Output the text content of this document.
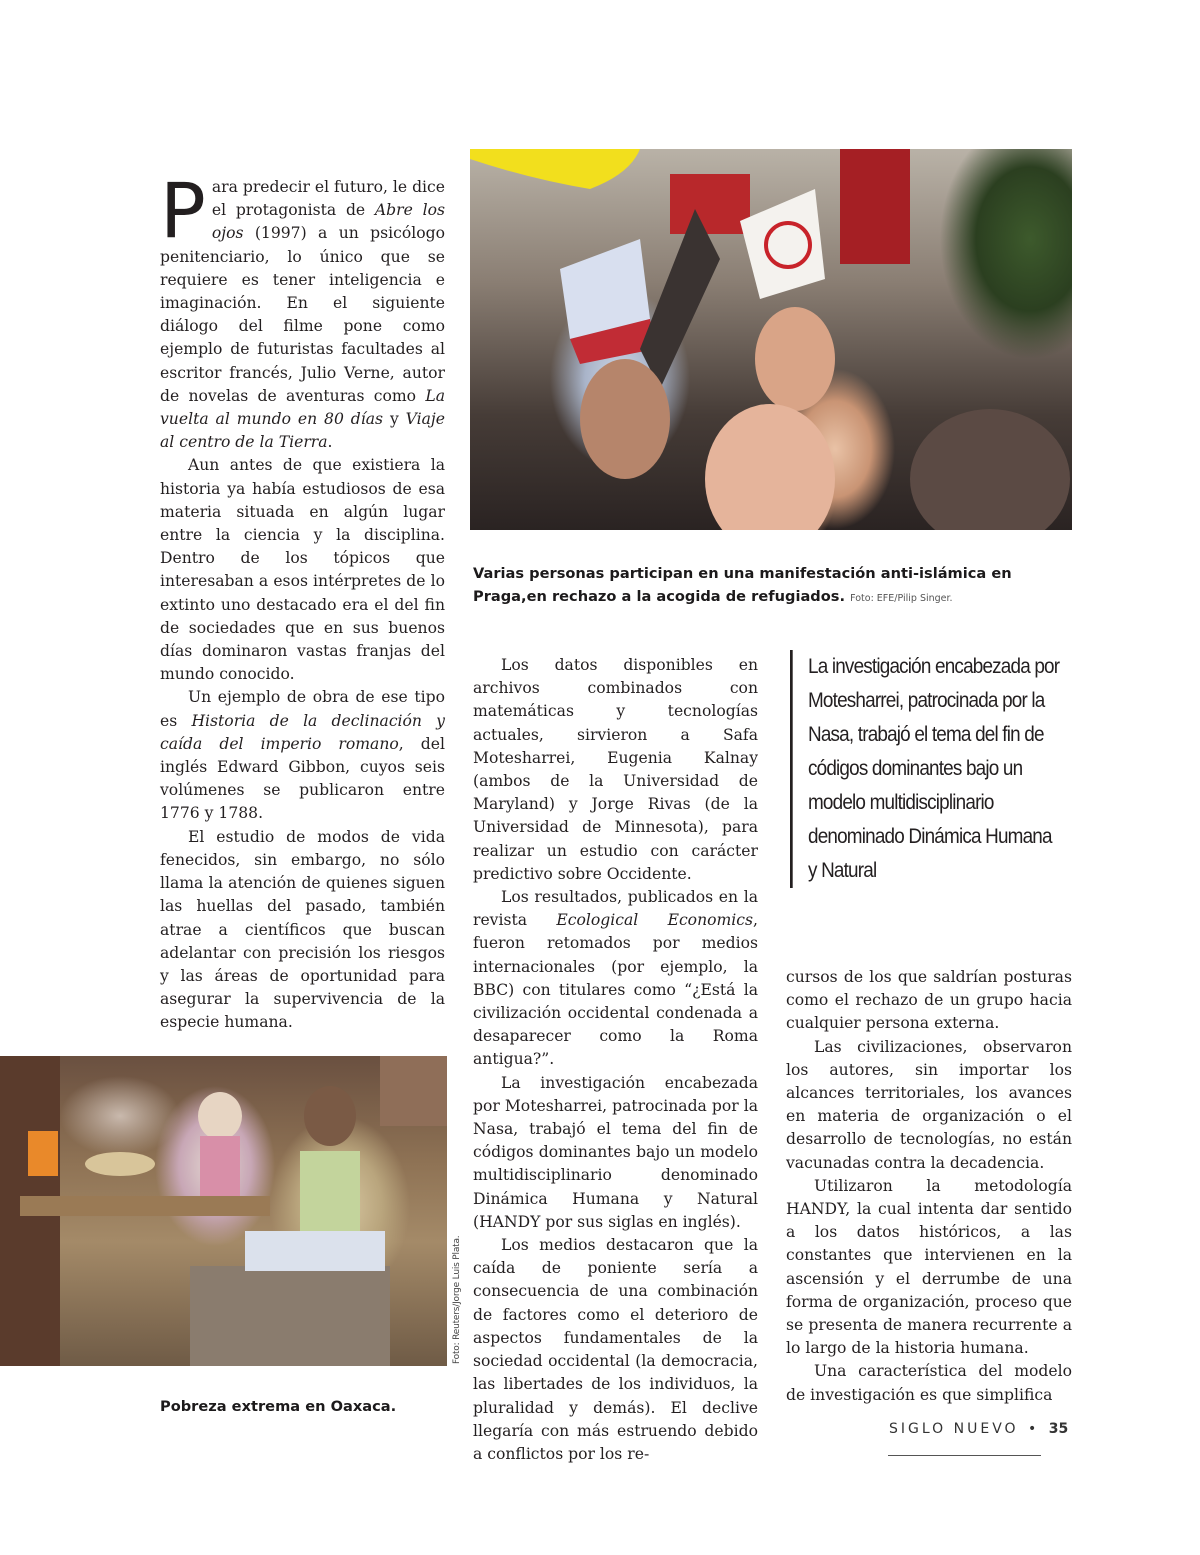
Varias personas participan en una manifestación anti-islámica en Praga,en rechazo a la acogida de refugiados. Foto: EFE/Pilip Singer.

Para predecir el futuro, le dice el protagonista de Abre los ojos (1997) a un psicólogo penitenciario, lo único que se requiere es tener inteligencia e imaginación. En el siguiente diálogo del filme pone como ejemplo de futuristas facultades al escritor francés, Julio Verne, autor de novelas de aventuras como La vuelta al mundo en 80 días y Viaje al centro de la Tierra.

Aun antes de que existiera la historia ya había estudiosos de esa materia situada en algún lugar entre la ciencia y la disciplina. Dentro de los tópicos que interesaban a esos intérpretes de lo extinto uno destacado era el del fin de sociedades que en sus buenos días dominaron vastas franjas del mundo conocido.

Un ejemplo de obra de ese tipo es Historia de la declinación y caída del imperio romano, del inglés Edward Gibbon, cuyos seis volúmenes se publicaron entre 1776 y 1788.

El estudio de modos de vida fenecidos, sin embargo, no sólo llama la atención de quienes siguen las huellas del pasado, también atrae a científicos que buscan adelantar con precisión los riesgos y las áreas de oportunidad para asegurar la supervivencia de la especie humana.

Los datos disponibles en archivos combinados con matemáticas y tecnologías actuales, sirvieron a Safa Motesharrei, Eugenia Kalnay (ambos de la Universidad de Maryland) y Jorge Rivas (de la Universidad de Minnesota), para realizar un estudio con carácter predictivo sobre Occidente.

Los resultados, publicados en la revista Ecological Economics, fueron retomados por medios internacionales (por ejemplo, la BBC) con titulares como “¿Está la civilización occidental condenada a desaparecer como la Roma antigua?”.

La investigación encabezada por Motesharrei, patrocinada por la Nasa, trabajó el tema del fin de códigos dominantes bajo un modelo multidisciplinario denominado Dinámica Humana y Natural (HANDY por sus siglas en inglés).

Los medios destacaron que la caída de poniente sería a consecuencia de una combinación de factores como el deterioro de aspectos fundamentales de la sociedad occidental (la democracia, las libertades de los individuos, la pluralidad y demás). El declive llegaría con más estruendo debido a conflictos por los re-

La investigación encabezada por Motesharrei, patrocinada por la Nasa, trabajó el tema del fin de códigos dominantes bajo un modelo multidisciplinario denominado Dinámica Humana y Natural

cursos de los que saldrían posturas como el rechazo de un grupo hacia cualquier persona externa.

Las civilizaciones, observaron los autores, sin importar los alcances territoriales, los avances en materia de organización o el desarrollo de tecnologías, no están vacunadas contra la decadencia.

Utilizaron la metodología HANDY, la cual intenta dar sentido a los datos históricos, a las constantes que intervienen en la ascensión y el derrumbe de una forma de organización, proceso que se presenta de manera recurrente a lo largo de la historia humana.

Una característica del modelo de investigación es que simplifica

Foto: Reuters/Jorge Luis Plata.
Pobreza extrema en Oaxaca.
SIGLO NUEVO • 35
